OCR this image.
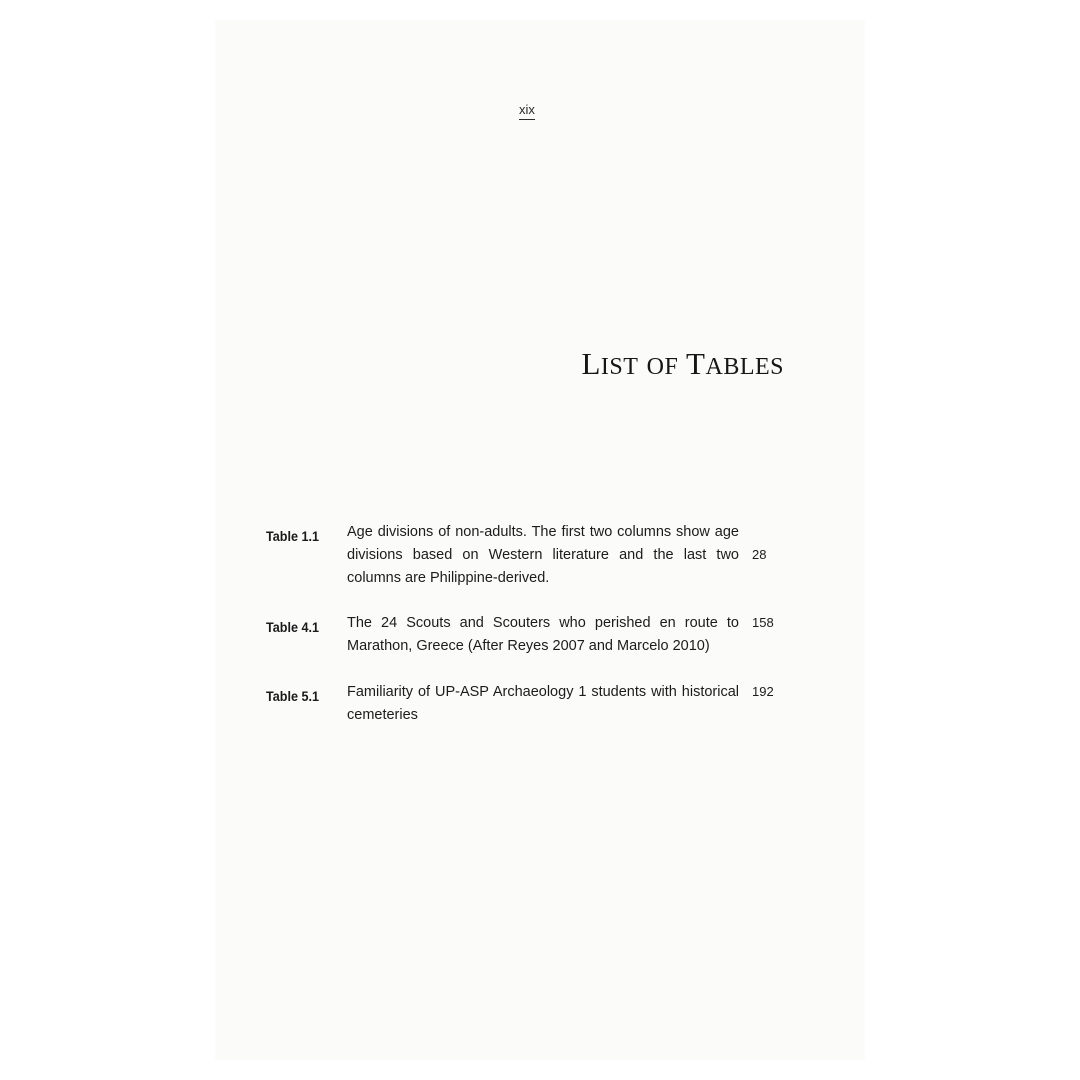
xix
LIST OF TABLES
Table 1.1 Age divisions of non-adults. The first two columns show age divisions based on Western literature and the last two columns are Philippine-derived.
28
Table 4.1 The 24 Scouts and Scouters who perished en route to Marathon, Greece (After Reyes 2007 and Marcelo 2010)
158
Table 5.1 Familiarity of UP-ASP Archaeology 1 students with historical cemeteries
192
